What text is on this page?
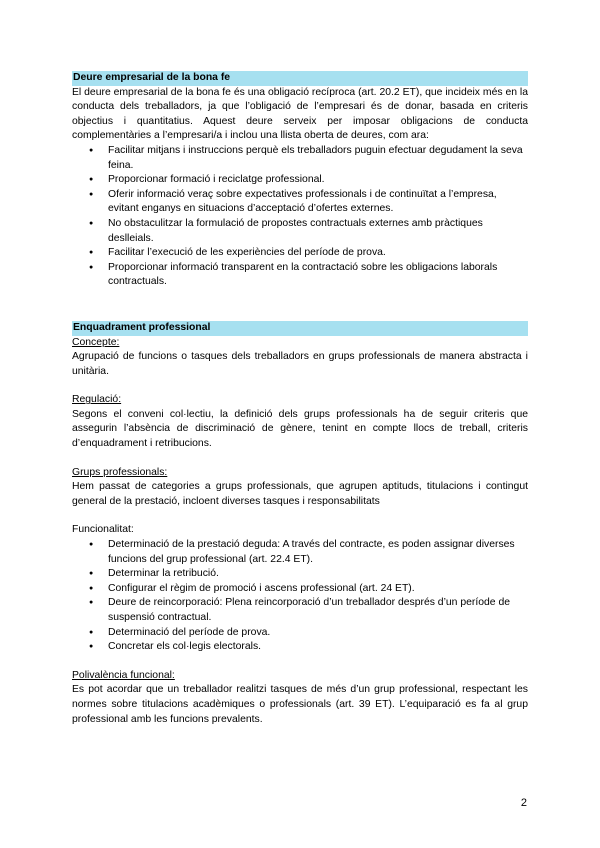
Deure empresarial de la bona fe

El deure empresarial de la bona fe és una obligació recíproca (art. 20.2 ET), que incideix més en la conducta dels treballadors, ja que l’obligació de l’empresari és de donar, basada en criteris objectius i quantitatius. Aquest deure serveix per imposar obligacions de conducta complementàries a l’empresari/a i inclou una llista oberta de deures, com ara:

● Facilitar mitjans i instruccions perquè els treballadors puguin efectuar degudament la seva feina.
● Proporcionar formació i reciclatge professional.
● Oferir informació veraç sobre expectatives professionals i de continuïtat a l’empresa, evitant enganys en situacions d’acceptació d’ofertes externes.
● No obstaculitzar la formulació de propostes contractuals externes amb pràctiques deslleials.
● Facilitar l’execució de les experiències del període de prova.
● Proporcionar informació transparent en la contractació sobre les obligacions laborals contractuals.
Enquadrament professional

Concepte:

Agrupació de funcions o tasques dels treballadors en grups professionals de manera abstracta i unitària.

Regulació:

Segons el conveni col·lectiu, la definició dels grups professionals ha de seguir criteris que assegurin l’absència de discriminació de gènere, tenint en compte llocs de treball, criteris d’enquadrament i retribucions.

Grups professionals:

Hem passat de categories a grups professionals, que agrupen aptituds, titulacions i contingut general de la prestació, incloent diverses tasques i responsabilitats

Funcionalitat:

● Determinació de la prestació deguda: A través del contracte, es poden assignar diverses funcions del grup professional (art. 22.4 ET).
● Determinar la retribució.
● Configurar el règim de promoció i ascens professional (art. 24 ET).
● Deure de reincorporació: Plena reincorporació d’un treballador després d’un període de suspensió contractual.
● Determinació del període de prova.
● Concretar els col·legis electorals.

Polivalència funcional:

Es pot acordar que un treballador realitzi tasques de més d’un grup professional, respectant les normes sobre titulacions acadèmiques o professionals (art. 39 ET). L’equiparació es fa al grup professional amb les funcions prevalents.

2
